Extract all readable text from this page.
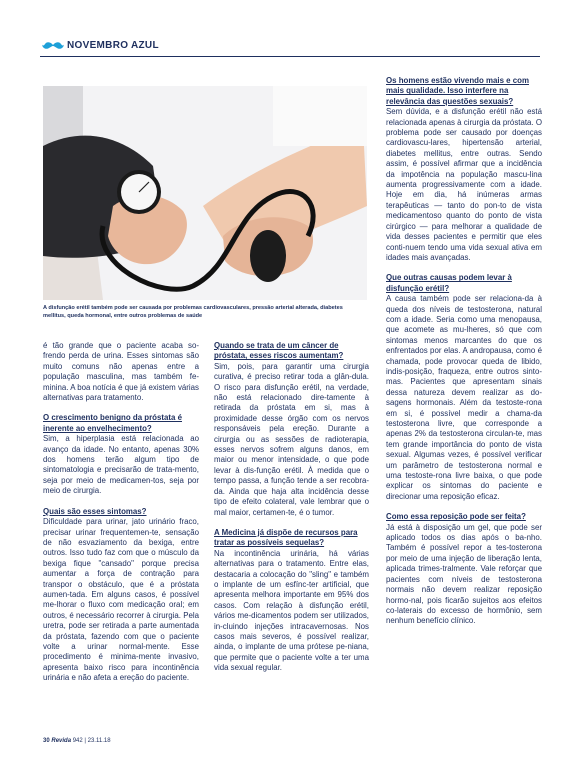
NOVEMBRO AZUL
A disfunção erétil também pode ser causada por problemas cardiovasculares, pressão arterial alterada, diabetes mellitus, queda hormonal, entre outros problemas de saúde

é tão grande que o paciente acaba so-frendo perda de urina. Esses sintomas são muito comuns não apenas entre a população masculina, mas também fe-minina. A boa notícia é que já existem várias alternativas para tratamento.

O crescimento benigno da próstata é inerente ao envelhecimento?

Sim, a hiperplasia está relacionada ao avanço da idade. No entanto, apenas 30% dos homens terão algum tipo de sintomatologia e precisarão de trata-mento, seja por meio de medicamen-tos, seja por meio de cirurgia.

Quais são esses sintomas?

Dificuldade para urinar, jato urinário fraco, precisar urinar frequentemen-te, sensação de não esvaziamento da bexiga, entre outros. Isso tudo faz com que o músculo da bexiga fique "cansado" porque precisa aumentar a força de contração para transpor o obstáculo, que é a próstata aumen-tada. Em alguns casos, é possível me-lhorar o fluxo com medicação oral; em outros, é necessário recorrer à cirurgia. Pela uretra, pode ser retirada a parte aumentada da próstata, fazendo com que o paciente volte a urinar normal-mente. Esse procedimento é minima-mente invasivo, apresenta baixo risco para incontinência urinária e não afeta a ereção do paciente.

Quando se trata de um câncer de próstata, esses riscos aumentam?

Sim, pois, para garantir uma cirurgia curativa, é preciso retirar toda a glân-dula. O risco para disfunção erétil, na verdade, não está relacionado dire-tamente à retirada da próstata em si, mas à proximidade desse órgão com os nervos responsáveis pela ereção. Durante a cirurgia ou as sessões de radioterapia, esses nervos sofrem alguns danos, em maior ou menor intensidade, o que pode levar à dis-função erétil. À medida que o tempo passa, a função tende a ser recobra-da. Ainda que haja alta incidência desse tipo de efeito colateral, vale lembrar que o mal maior, certamen-te, é o tumor.

A Medicina já dispõe de recursos para tratar as possíveis sequelas?

Na incontinência urinária, há várias alternativas para o tratamento. Entre elas, destacaria a colocação do "sling" e também o implante de um esfínc-ter artificial, que apresenta melhora importante em 95% dos casos. Com relação à disfunção erétil, vários me-dicamentos podem ser utilizados, in-cluindo injeções intracavernosas. Nos casos mais severos, é possível realizar, ainda, o implante de uma prótese pe-niana, que permite que o paciente volte a ter uma vida sexual regular.

Os homens estão vivendo mais e com mais qualidade. Isso interfere na relevância das questões sexuais?

Sem dúvida, e a disfunção erétil não está relacionada apenas à cirurgia da próstata. O problema pode ser causado por doenças cardiovascu-lares, hipertensão arterial, diabetes mellitus, entre outras. Sendo assim, é possível afirmar que a incidência da impotência na população mascu-lina aumenta progressivamente com a idade. Hoje em dia, há inúmeras armas terapêuticas — tanto do pon-to de vista medicamentoso quanto do ponto de vista cirúrgico — para melhorar a qualidade de vida desses pacientes e permitir que eles conti-nuem tendo uma vida sexual ativa em idades mais avançadas.

Que outras causas podem levar à disfunção erétil?

A causa também pode ser relaciona-da à queda dos níveis de testosterona, natural com a idade. Seria como uma menopausa, que acomete as mu-lheres, só que com sintomas menos marcantes do que os enfrentados por elas. A andropausa, como é chamada, pode provocar queda de libido, indis-posição, fraqueza, entre outros sinto-mas. Pacientes que apresentam sinais dessa natureza devem realizar as do-sagens hormonais. Além da testoste-rona em si, é possível medir a chama-da testosterona livre, que corresponde a apenas 2% da testosterona circulan-te, mas tem grande importância do ponto de vista sexual. Algumas vezes, é possível verificar um parâmetro de testosterona normal e uma testoste-rona livre baixa, o que pode explicar os sintomas do paciente e direcionar uma reposição eficaz.

Como essa reposição pode ser feita?

Já está à disposição um gel, que pode ser aplicado todos os dias após o ba-nho. Também é possível repor a tes-tosterona por meio de uma injeção de liberação lenta, aplicada trimes-tralmente. Vale reforçar que pacientes com níveis de testosterona normais não devem realizar reposição hormo-nal, pois ficarão sujeitos aos efeitos co-laterais do excesso de hormônio, sem nenhum benefício clínico.

30 Revida 942 | 23.11.18
